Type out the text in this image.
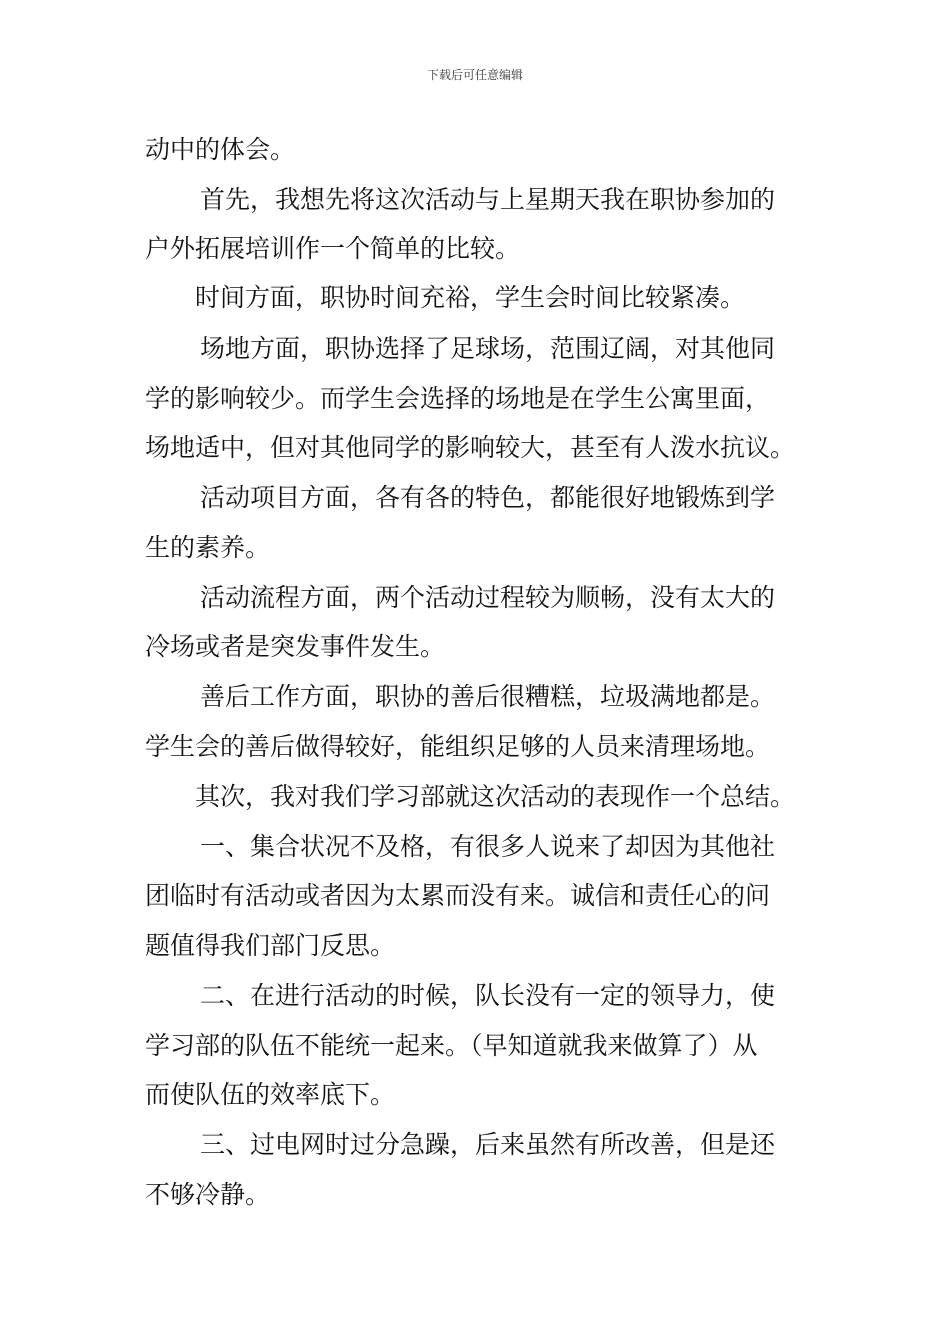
下载后可任意编辑
动中的体会。
首先，我想先将这次活动与上星期天我在职协参加的
户外拓展培训作一个简单的比较。
时间方面，职协时间充裕，学生会时间比较紧凑。
场地方面，职协选择了足球场，范围辽阔，对其他同
学的影响较少。而学生会选择的场地是在学生公寓里面，
场地适中，但对其他同学的影响较大，甚至有人泼水抗议。
活动项目方面，各有各的特色，都能很好地锻炼到学
生的素养。
活动流程方面，两个活动过程较为顺畅，没有太大的
冷场或者是突发事件发生。
善后工作方面，职协的善后很糟糕，垃圾满地都是。
学生会的善后做得较好，能组织足够的人员来清理场地。
其次，我对我们学习部就这次活动的表现作一个总结。
一、集合状况不及格，有很多人说来了却因为其他社
团临时有活动或者因为太累而没有来。诚信和责任心的问
题值得我们部门反思。
二、在进行活动的时候，队长没有一定的领导力，使
学习部的队伍不能统一起来。（早知道就我来做算了）从
而使队伍的效率底下。
三、过电网时过分急躁，后来虽然有所改善，但是还
不够冷静。
